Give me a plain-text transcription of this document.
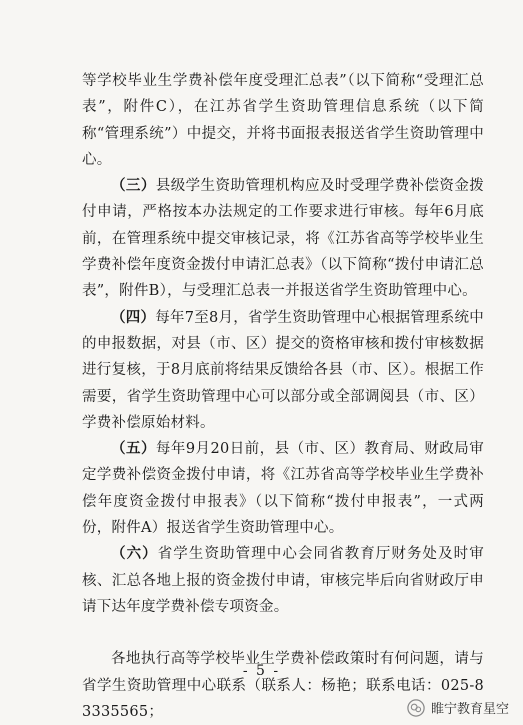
等学校毕业生学费补偿年度受理汇总表”（以下简称“受理汇总表”，附件C），在江苏省学生资助管理信息系统（以下简称“管理系统”）中提交，并将书面报表报送省学生资助管理中心。

（三）县级学生资助管理机构应及时受理学费补偿资金拨付申请，严格按本办法规定的工作要求进行审核。每年6月底前，在管理系统中提交审核记录，将《江苏省高等学校毕业生学费补偿年度资金拨付申请汇总表》（以下简称“拨付申请汇总表”，附件B），与受理汇总表一并报送省学生资助管理中心。

（四）每年7至8月，省学生资助管理中心根据管理系统中的申报数据，对县（市、区）提交的资格审核和拨付审核数据进行复核，于8月底前将结果反馈给各县（市、区）。根据工作需要，省学生资助管理中心可以部分或全部调阅县（市、区）学费补偿原始材料。

（五）每年9月20日前，县（市、区）教育局、财政局审定学费补偿资金拨付申请，将《江苏省高等学校毕业生学费补偿年度资金拨付申报表》（以下简称“拨付申报表”，一式两份，附件A）报送省学生资助管理中心。

（六）省学生资助管理中心会同省教育厅财务处及时审核、汇总各地上报的资金拨付申请，审核完毕后向省财政厅申请下达年度学费补偿专项资金。

各地执行高等学校毕业生学费补偿政策时有何问题，请与省学生资助管理中心联系（联系人：杨艳；联系电话：025-83335565；

- 5 -
睢宁教育星空
